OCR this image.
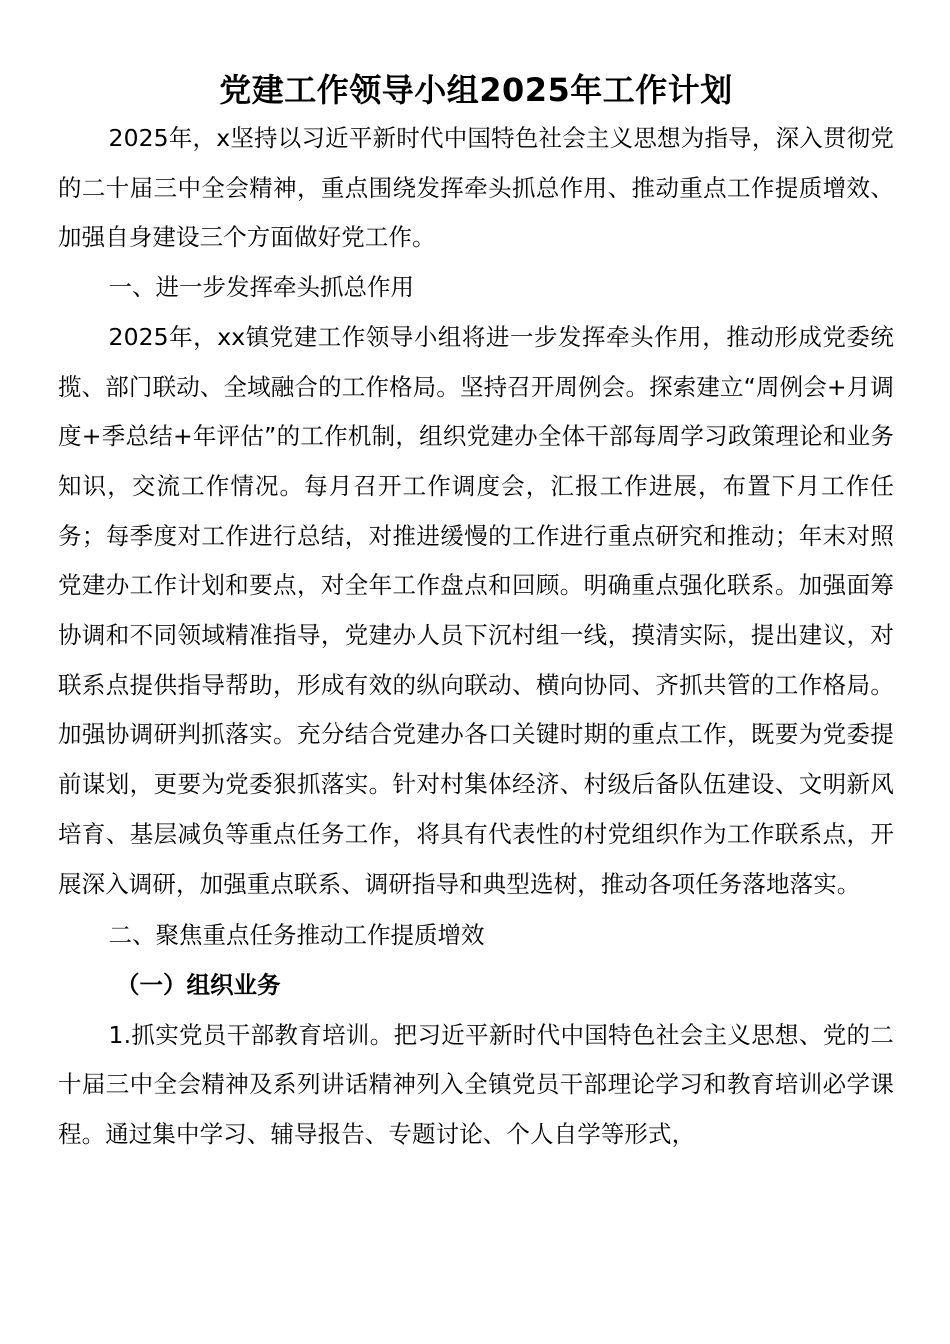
党建工作领导小组2025年工作计划

2025年，x坚持以习近平新时代中国特色社会主义思想为指导，深入贯彻党的二十届三中全会精神，重点围绕发挥牵头抓总作用、推动重点工作提质增效、加强自身建设三个方面做好党工作。

一、进一步发挥牵头抓总作用

2025年，xx镇党建工作领导小组将进一步发挥牵头作用，推动形成党委统揽、部门联动、全域融合的工作格局。坚持召开周例会。探索建立“周例会+月调度+季总结+年评估”的工作机制，组织党建办全体干部每周学习政策理论和业务知识，交流工作情况。每月召开工作调度会，汇报工作进展，布置下月工作任务；每季度对工作进行总结，对推进缓慢的工作进行重点研究和推动；年末对照党建办工作计划和要点，对全年工作盘点和回顾。明确重点强化联系。加强面筹协调和不同领域精准指导，党建办人员下沉村组一线，摸清实际，提出建议，对联系点提供指导帮助，形成有效的纵向联动、横向协同、齐抓共管的工作格局。加强协调研判抓落实。充分结合党建办各口关键时期的重点工作，既要为党委提前谋划，更要为党委狠抓落实。针对村集体经济、村级后备队伍建设、文明新风培育、基层减负等重点任务工作，将具有代表性的村党组织作为工作联系点，开展深入调研，加强重点联系、调研指导和典型选树，推动各项任务落地落实。

二、聚焦重点任务推动工作提质增效

（一）组织业务

1.抓实党员干部教育培训。把习近平新时代中国特色社会主义思想、党的二十届三中全会精神及系列讲话精神列入全镇党员干部理论学习和教育培训必学课程。通过集中学习、辅导报告、专题讨论、个人自学等形式，
